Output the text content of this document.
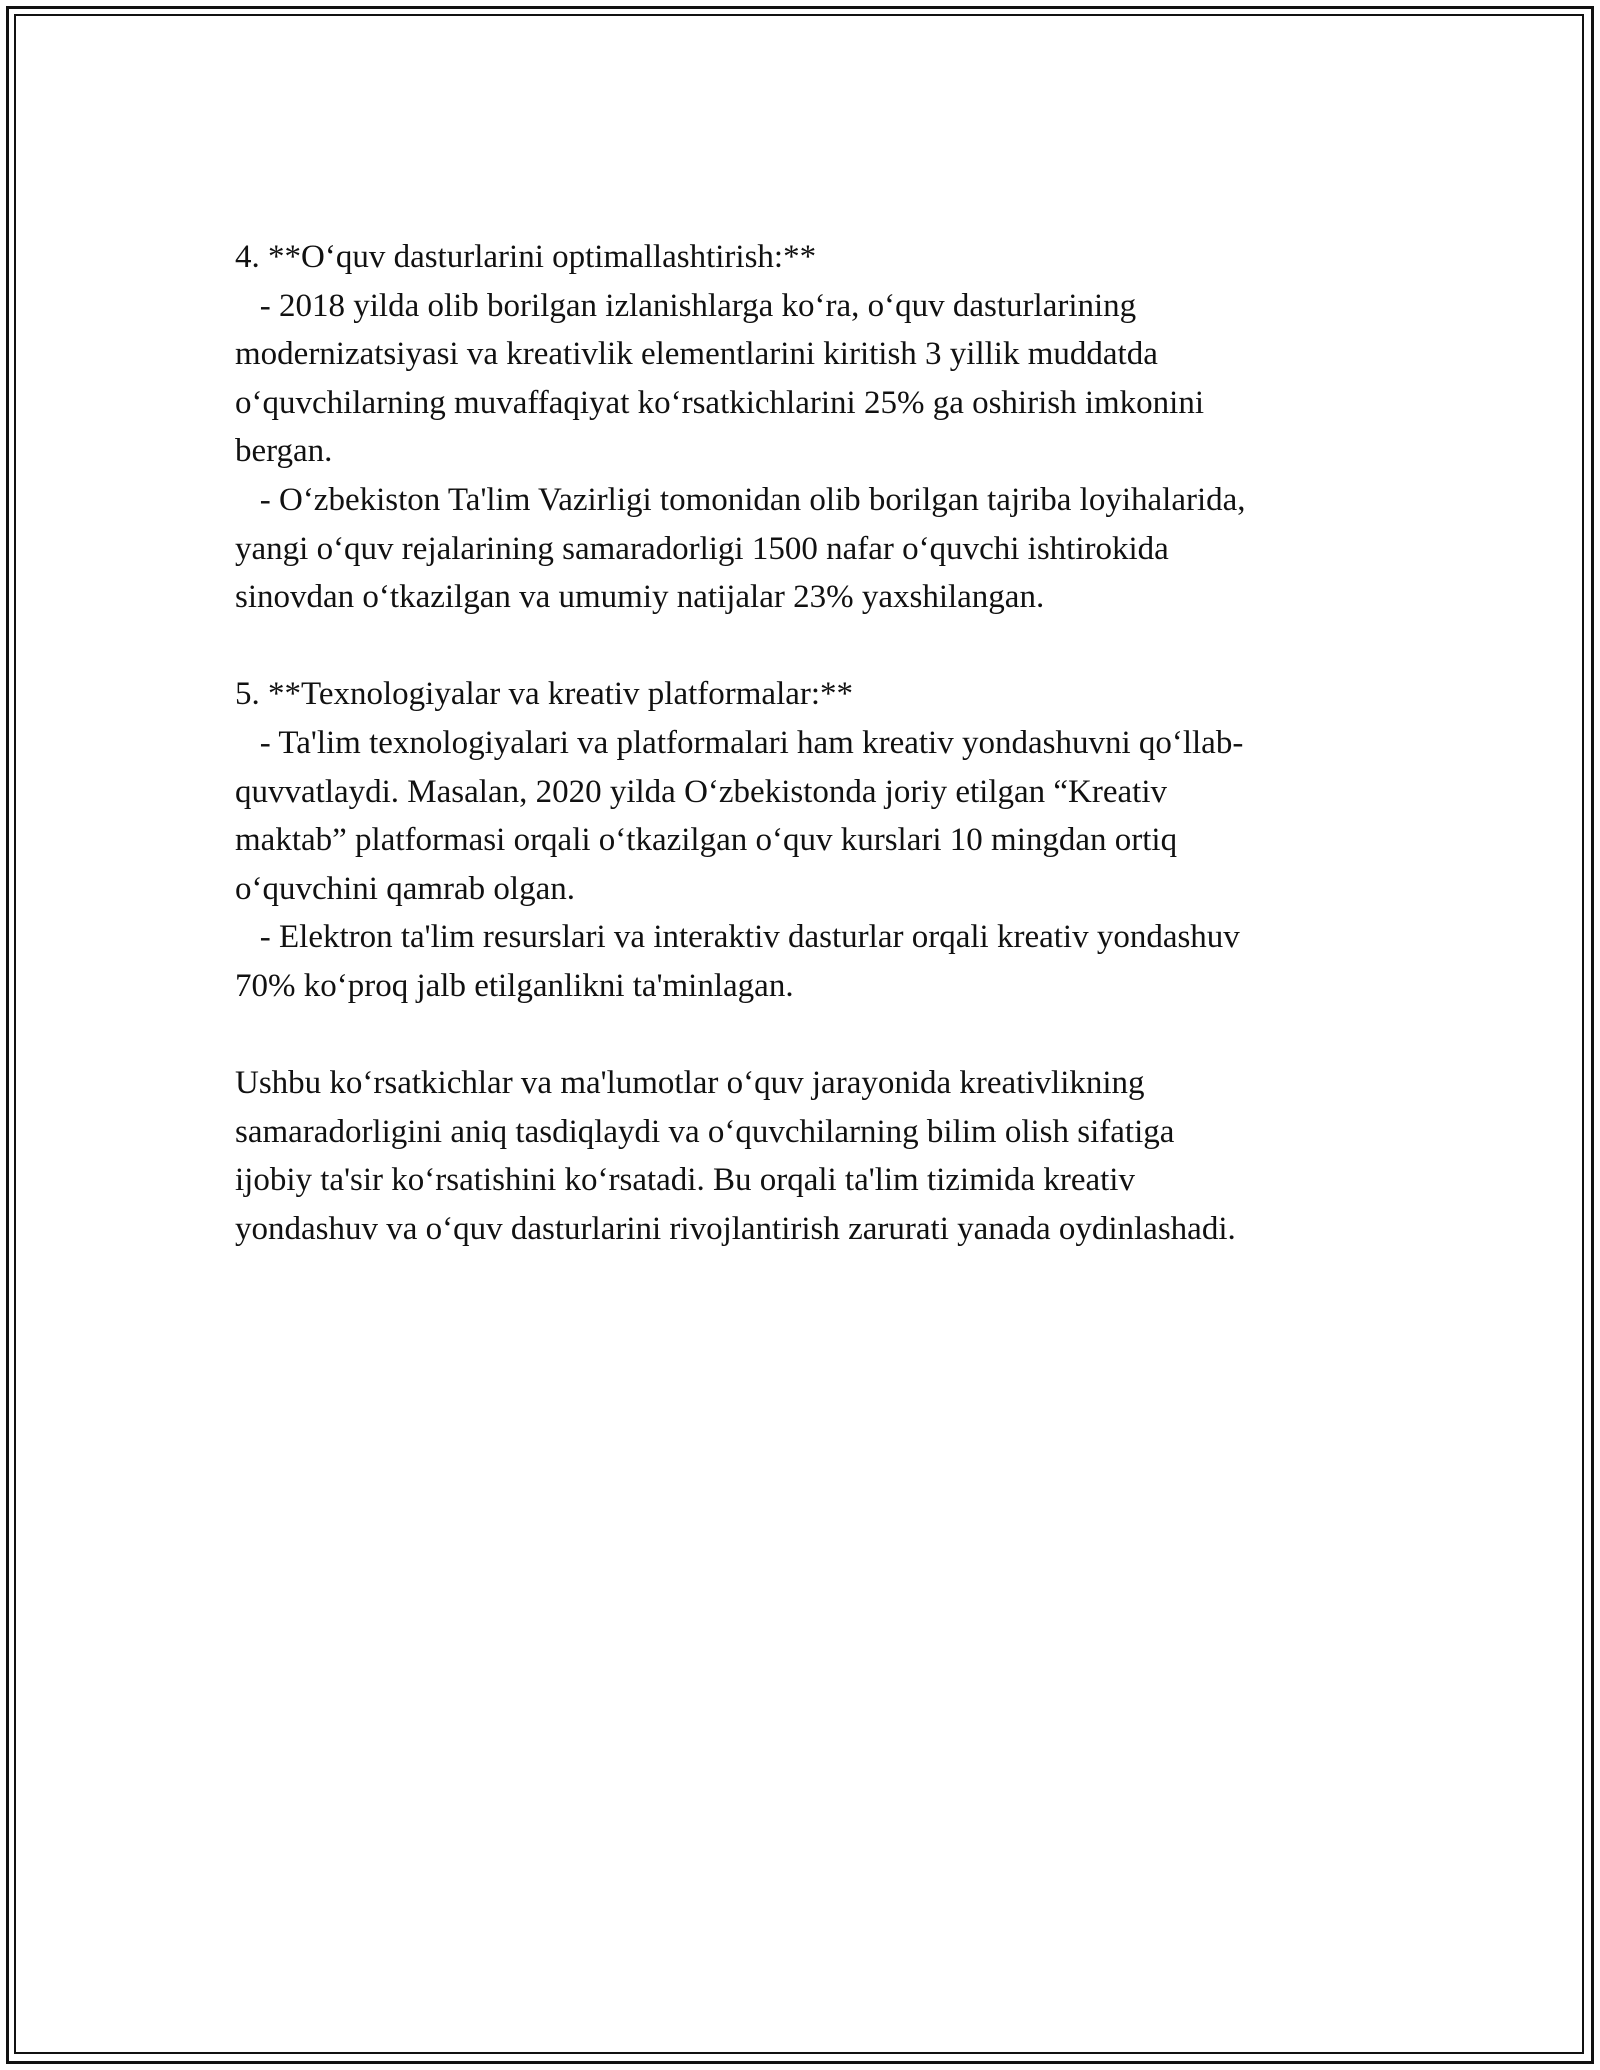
4. **O‘quv dasturlarini optimallashtirish:**
- 2018 yilda olib borilgan izlanishlarga ko‘ra, o‘quv dasturlarining
modernizatsiyasi va kreativlik elementlarini kiritish 3 yillik muddatda
o‘quvchilarning muvaffaqiyat ko‘rsatkichlarini 25% ga oshirish imkonini
bergan.
- O‘zbekiston Ta'lim Vazirligi tomonidan olib borilgan tajriba loyihalarida,
yangi o‘quv rejalarining samaradorligi 1500 nafar o‘quvchi ishtirokida
sinovdan o‘tkazilgan va umumiy natijalar 23% yaxshilangan.
5. **Texnologiyalar va kreativ platformalar:**
- Ta'lim texnologiyalari va platformalari ham kreativ yondashuvni qo‘llab-
quvvatlaydi. Masalan, 2020 yilda O‘zbekistonda joriy etilgan “Kreativ
maktab” platformasi orqali o‘tkazilgan o‘quv kurslari 10 mingdan ortiq
o‘quvchini qamrab olgan.
- Elektron ta'lim resurslari va interaktiv dasturlar orqali kreativ yondashuv
70% ko‘proq jalb etilganlikni ta'minlagan.
Ushbu ko‘rsatkichlar va ma'lumotlar o‘quv jarayonida kreativlikning
samaradorligini aniq tasdiqlaydi va o‘quvchilarning bilim olish sifatiga
ijobiy ta'sir ko‘rsatishini ko‘rsatadi. Bu orqali ta'lim tizimida kreativ
yondashuv va o‘quv dasturlarini rivojlantirish zarurati yanada oydinlashadi.
